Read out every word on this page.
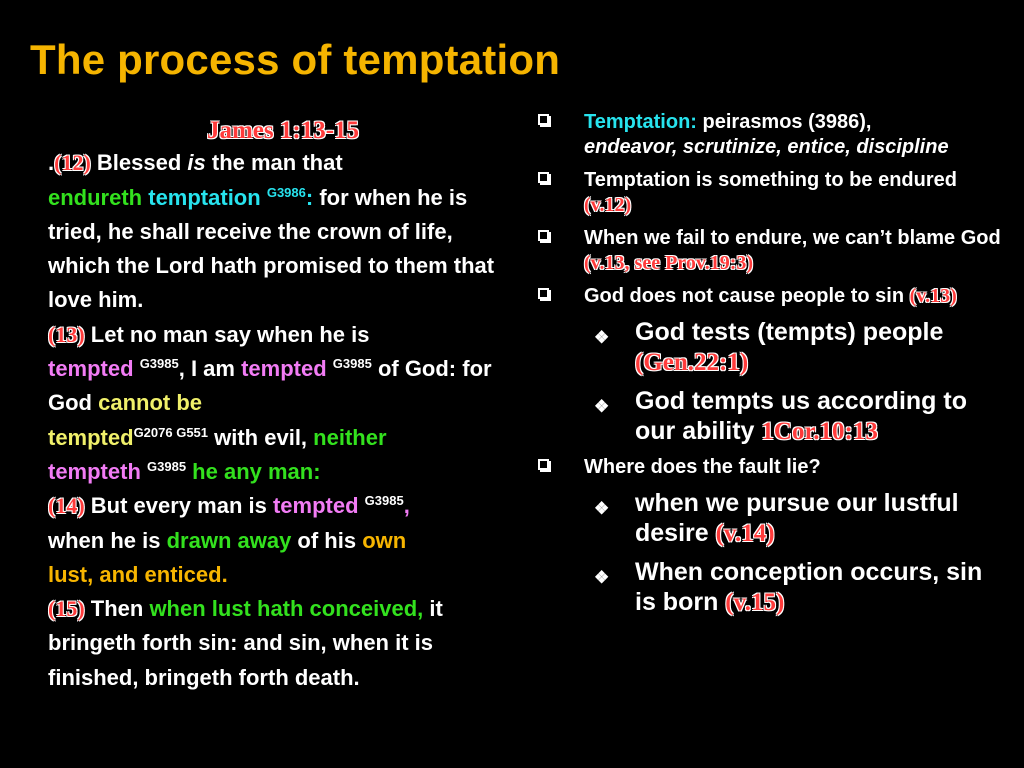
The process of temptation
James 1:13-15
.(12) Blessed is the man that
endureth temptation $^{G3986}$: for when he is tried, he shall receive the crown of life, which the Lord hath promised to them that love him.
(13) Let no man say when he is
tempted $^{G3985}$, I am tempted $^{G3985}$ of God: for God cannot be
tempted$^{G2076 G551}$ with evil, neither
tempteth $^{G3985}$ he any man:
(14) But every man is tempted $^{G3985}$,
when he is drawn away of his own
lust, and enticed.
(15) Then when lust hath conceived, it bringeth forth sin: and sin, when it is finished, bringeth forth death.
Temptation: peirasmos (3986),
endeavor, scrutinize, entice, discipline
Temptation is something to be endured (v.12)
When we fail to endure, we can’t blame God (v.13, see Prov.19:3)
God does not cause people to sin (v.13)
❖ God tests (tempts) people (Gen.22:1)
❖ God tempts us according to our ability 1Cor.10:13
Where does the fault lie?
❖ when we pursue our lustful desire (v.14)
❖ When conception occurs, sin is born (v.15)
